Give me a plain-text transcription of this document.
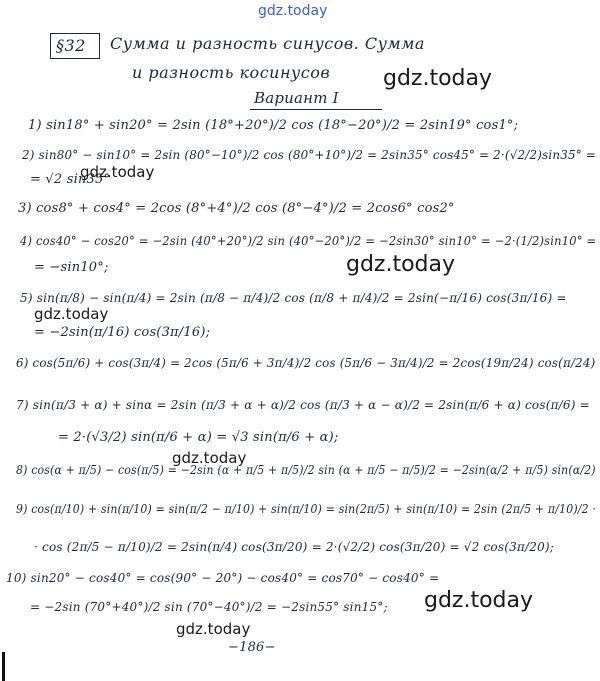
gdz.today
§32 Сумма и разность синусов. Сумма
и разность косинусов gdz.today
Вариант I
1) sin18° + sin20° = 2sin (18°+20°)/2 cos (18°−20°)/2 = 2sin19° cos1°;
2) sin80° − sin10° = 2sin (80°−10°)/2 cos (80°+10°)/2 = 2sin35° cos45° = 2·(√2/2)sin35° =
= √2 sin35°
gdz.today
3) cos8° + cos4° = 2cos (8°+4°)/2 cos (8°−4°)/2 = 2cos6° cos2°
4) cos40° − cos20° = −2sin (40°+20°)/2 sin (40°−20°)/2 = −2sin30° sin10° = −2·(1/2)sin10° =
= −sin10°;	gdz.today
5) sin(π/8) − sin(π/4) = 2sin (π/8 − π/4)/2 cos (π/8 + π/4)/2 = 2sin(−π/16) cos(3π/16) =
gdz.today
= −2sin(π/16) cos(3π/16);
6) cos(5π/6) + cos(3π/4) = 2cos (5π/6 + 3π/4)/2 cos (5π/6 − 3π/4)/2 = 2cos(19π/24) cos(π/24)
7) sin(π/3 + α) + sinα = 2sin (π/3 + α + α)/2 cos (π/3 + α − α)/2 = 2sin(π/6 + α) cos(π/6) =
= 2·(√3/2) sin(π/6 + α) = √3 sin(π/6 + α);
gdz.today
8) cos(α + π/5) − cos(π/5) = −2sin (α + π/5 + π/5)/2 sin (α + π/5 − π/5)/2 = −2sin(α/2 + π/5) sin(α/2)
9) cos(π/10) + sin(π/10) = sin(π/2 − π/10) + sin(π/10) = sin(2π/5) + sin(π/10) = 2sin (2π/5 + π/10)/2 ·
· cos (2π/5 − π/10)/2 = 2sin(π/4) cos(3π/20) = 2·(√2/2) cos(3π/20) = √2 cos(3π/20);
10) sin20° − cos40° = cos(90° − 20°) − cos40° = cos70° − cos40° =
= −2sin (70°+40°)/2 sin (70°−40°)/2 = −2sin55° sin15°; gdz.today
gdz.today
−186−
